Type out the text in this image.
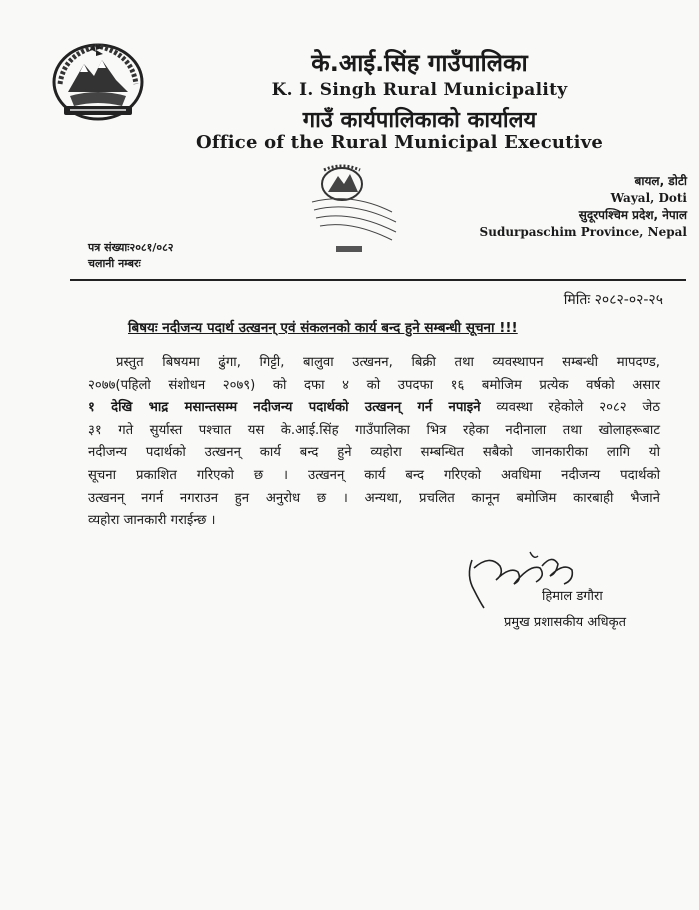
के.आई.सिंह गाउँपालिका
K. I. Singh Rural Municipality
गाउँ कार्यपालिकाको कार्यालय
Office of the Rural Municipal Executive
बायल, डोटी
Wayal, Doti
सुदूरपश्चिम प्रदेश, नेपाल
Sudurpaschim Province, Nepal
पत्र संख्याः२०८१/०८२
चलानी नम्बरः
मितिः २०८२-०२-२५
बिषयः नदीजन्य पदार्थ उत्खनन् एवं संकलनको कार्य बन्द हुने सम्बन्धी सूचना !!!
प्रस्तुत बिषयमा ढुंगा, गिट्टी, बालुवा उत्खनन, बिक्री तथा व्यवस्थापन सम्बन्धी मापदण्ड,
२०७७(पहिलो संशोधन २०७९) को दफा ४ को उपदफा १६ बमोजिम प्रत्येक वर्षको असार
१ देखि भाद्र मसान्तसम्म नदीजन्य पदार्थको उत्खनन् गर्न नपाइने व्यवस्था रहेकोले २०८२ जेठ
३१ गते सुर्यास्त पश्चात यस के.आई.सिंह गाउँपालिका भित्र रहेका नदीनाला तथा खोलाहरूबाट
नदीजन्य पदार्थको उत्खनन् कार्य बन्द हुने व्यहोरा सम्बन्धित सबैको जानकारीका लागि यो
सूचना प्रकाशित गरिएको छ । उत्खनन् कार्य बन्द गरिएको अवधिमा नदीजन्य पदार्थको
उत्खनन् नगर्न नगराउन हुन अनुरोध छ । अन्यथा, प्रचलित कानून बमोजिम कारबाही भैजाने
व्यहोरा जानकारी गराईन्छ ।
हिमाल डगौरा
प्रमुख प्रशासकीय अधिकृत
